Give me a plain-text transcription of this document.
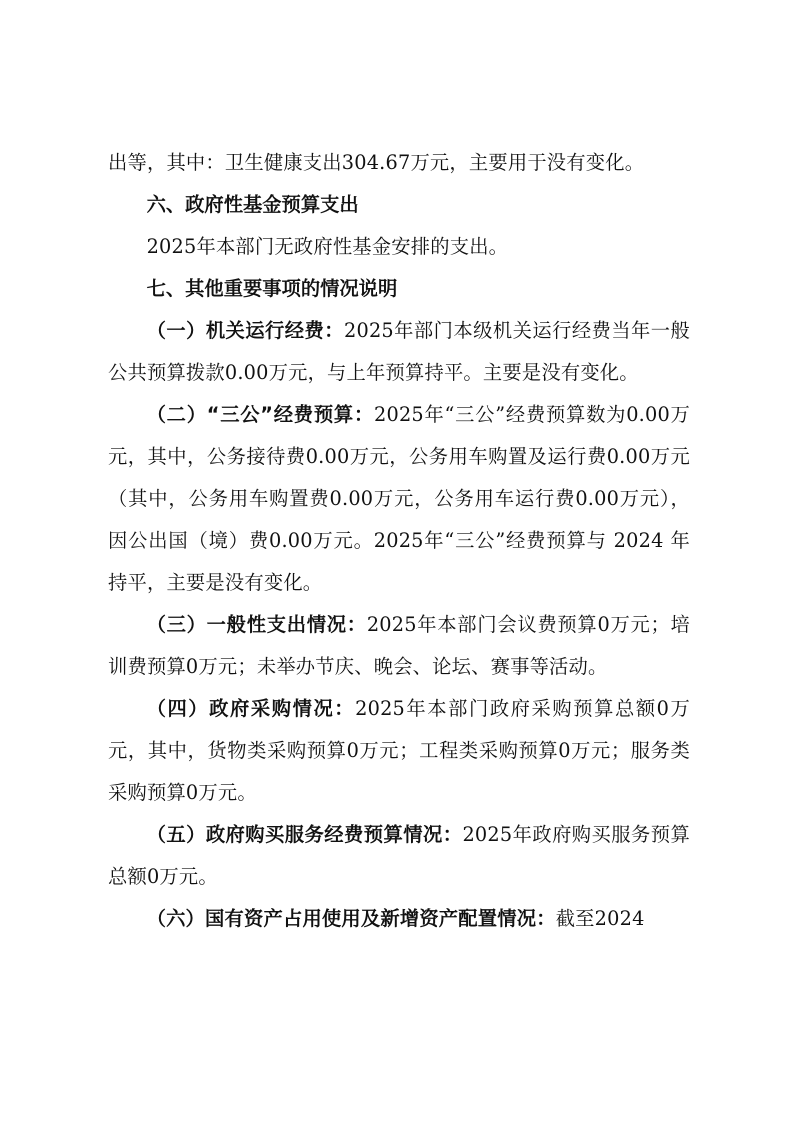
出等，其中：卫生健康支出304.67万元，主要用于没有变化。

六、政府性基金预算支出

2025年本部门无政府性基金安排的支出。

七、其他重要事项的情况说明

（一）机关运行经费：2025年部门本级机关运行经费当年一般公共预算拨款0.00万元，与上年预算持平。主要是没有变化。

（二）“三公”经费预算：2025年“三公”经费预算数为0.00万元，其中，公务接待费0.00万元，公务用车购置及运行费0.00万元（其中，公务用车购置费0.00万元，公务用车运行费0.00万元），因公出国（境）费0.00万元。2025年“三公”经费预算与 2024 年持平，主要是没有变化。

（三）一般性支出情况：2025年本部门会议费预算0万元；培训费预算0万元；未举办节庆、晚会、论坛、赛事等活动。

（四）政府采购情况：2025年本部门政府采购预算总额0万元，其中，货物类采购预算0万元；工程类采购预算0万元；服务类采购预算0万元。

（五）政府购买服务经费预算情况：2025年政府购买服务预算总额0万元。

（六）国有资产占用使用及新增资产配置情况：截至2024
